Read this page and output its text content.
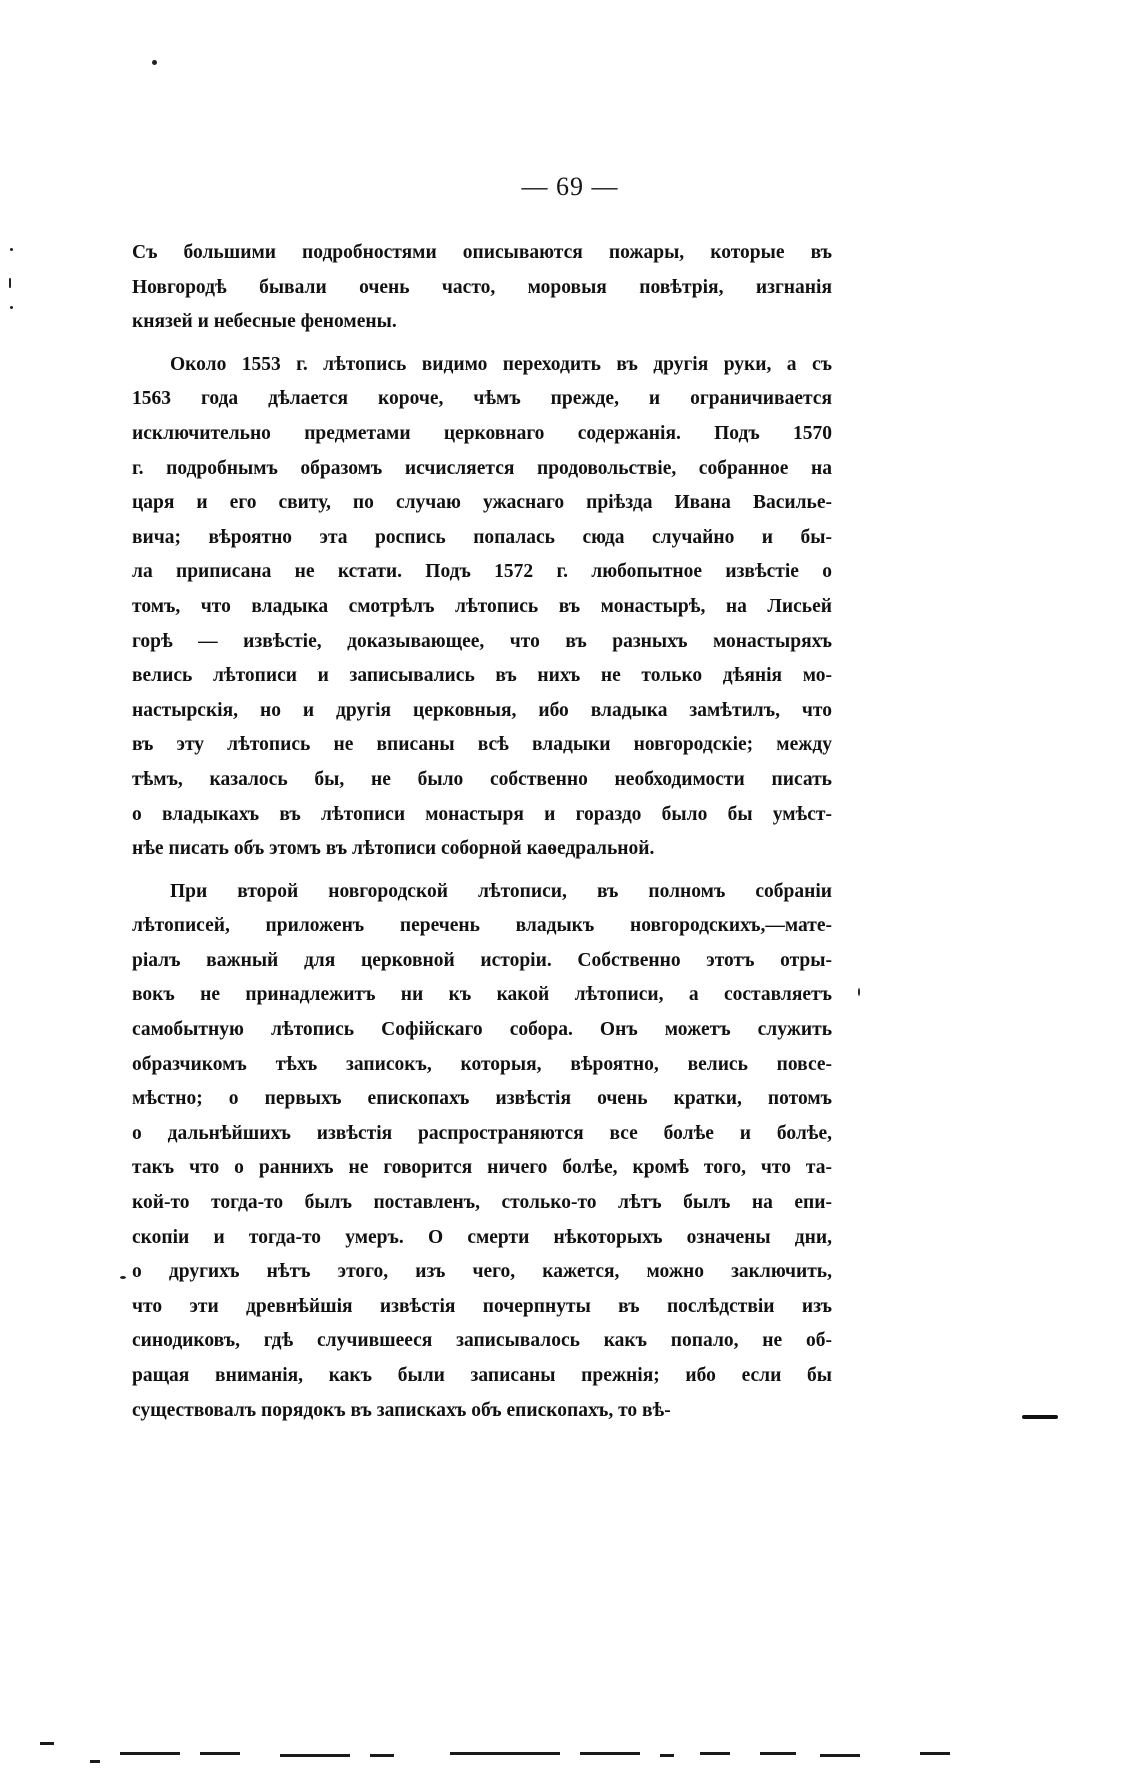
— 69 —
Съ большими подробностями описываются пожары, которые въ
Новгородѣ бывали очень часто, моровыя повѣтрія, изгнанія
князей и небесные феномены.
Около 1553 г. лѣтопись видимо переходить въ другія руки, а съ
1563 года дѣлается короче, чѣмъ прежде, и ограничивается
исключительно предметами церковнаго содержанія. Подъ 1570
г. подробнымъ образомъ исчисляется продовольствіе, собранное на
царя и его свиту, по случаю ужаснаго пріѣзда Ивана Василье-
вича; вѣроятно эта роспись попалась сюда случайно и бы-
ла приписана не кстати. Подъ 1572 г. любопытное извѣстіе о
томъ, что владыка смотрѣлъ лѣтопись въ монастырѣ, на Лисьей
горѣ — извѣстіе, доказывающее, что въ разныхъ монастыряхъ
велись лѣтописи и записывались въ нихъ не только дѣянія мо-
настырскія, но и другія церковныя, ибо владыка замѣтилъ, что
въ эту лѣтопись не вписаны всѣ владыки новгородскіе; между
тѣмъ, казалось бы, не было собственно необходимости писать
о владыкахъ въ лѣтописи монастыря и гораздо было бы умѣст-
нѣе писать объ этомъ въ лѣтописи соборной каѳедральной.
При второй новгородской лѣтописи, въ полномъ собраніи
лѣтописей, приложенъ перечень владыкъ новгородскихъ,—мате-
ріалъ важный для церковной исторіи. Собственно этотъ отры-
вокъ не принадлежитъ ни къ какой лѣтописи, а составляетъ
самобытную лѣтопись Софійскаго собора. Онъ можетъ служить
образчикомъ тѣхъ записокъ, которыя, вѣроятно, велись повсе-
мѣстно; о первыхъ епископахъ извѣстія очень кратки, потомъ
о дальнѣйшихъ извѣстія распространяются все болѣе и болѣе,
такъ что о раннихъ не говорится ничего болѣе, кромѣ того, что та-
кой-то тогда-то былъ поставленъ, столько-то лѣтъ былъ на епи-
скопіи и тогда-то умеръ. О смерти нѣкоторыхъ означены дни,
о другихъ нѣтъ этого, изъ чего, кажется, можно заключить,
что эти древнѣйшія извѣстія почерпнуты въ послѣдствіи изъ
синодиковъ, гдѣ случившееся записывалось какъ попало, не об-
ращая вниманія, какъ были записаны прежнія; ибо если бы
существовалъ порядокъ въ запискахъ объ епископахъ, то вѣ-
